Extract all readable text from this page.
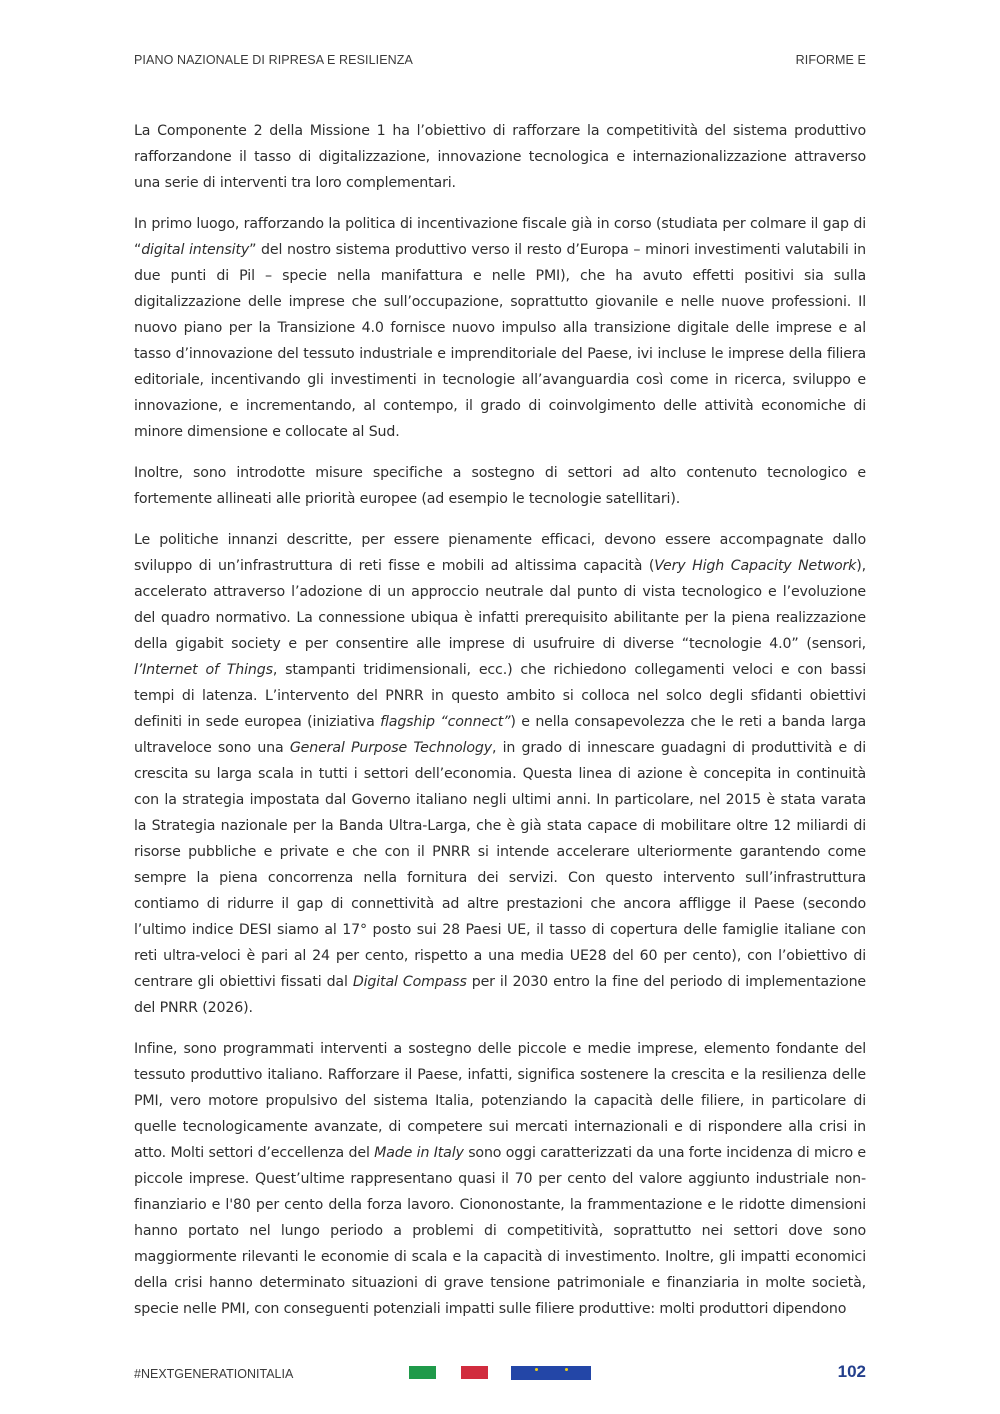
PIANO NAZIONALE DI RIPRESA E RESILIENZA	RIFORME E

La Componente 2 della Missione 1 ha l’obiettivo di rafforzare la competitività del sistema produttivo rafforzandone il tasso di digitalizzazione, innovazione tecnologica e internazionalizzazione attraverso una serie di interventi tra loro complementari.

In primo luogo, rafforzando la politica di incentivazione fiscale già in corso (studiata per colmare il gap di “digital intensity” del nostro sistema produttivo verso il resto d’Europa – minori investimenti valutabili in due punti di Pil – specie nella manifattura e nelle PMI), che ha avuto effetti positivi sia sulla digitalizzazione delle imprese che sull’occupazione, soprattutto giovanile e nelle nuove professioni. Il nuovo piano per la Transizione 4.0 fornisce nuovo impulso alla transizione digitale delle imprese e al tasso d’innovazione del tessuto industriale e imprenditoriale del Paese, ivi incluse le imprese della filiera editoriale, incentivando gli investimenti in tecnologie all’avanguardia così come in ricerca, sviluppo e innovazione, e incrementando, al contempo, il grado di coinvolgimento delle attività economiche di minore dimensione e collocate al Sud.

Inoltre, sono introdotte misure specifiche a sostegno di settori ad alto contenuto tecnologico e fortemente allineati alle priorità europee (ad esempio le tecnologie satellitari).

Le politiche innanzi descritte, per essere pienamente efficaci, devono essere accompagnate dallo sviluppo di un’infrastruttura di reti fisse e mobili ad altissima capacità (Very High Capacity Network), accelerato attraverso l’adozione di un approccio neutrale dal punto di vista tecnologico e l’evoluzione del quadro normativo. La connessione ubiqua è infatti prerequisito abilitante per la piena realizzazione della gigabit society e per consentire alle imprese di usufruire di diverse “tecnologie 4.0” (sensori, l’Internet of Things, stampanti tridimensionali, ecc.) che richiedono collegamenti veloci e con bassi tempi di latenza. L’intervento del PNRR in questo ambito si colloca nel solco degli sfidanti obiettivi definiti in sede europea (iniziativa flagship “connect”) e nella consapevolezza che le reti a banda larga ultraveloce sono una General Purpose Technology, in grado di innescare guadagni di produttività e di crescita su larga scala in tutti i settori dell’economia. Questa linea di azione è concepita in continuità con la strategia impostata dal Governo italiano negli ultimi anni. In particolare, nel 2015 è stata varata la Strategia nazionale per la Banda Ultra-Larga, che è già stata capace di mobilitare oltre 12 miliardi di risorse pubbliche e private e che con il PNRR si intende accelerare ulteriormente garantendo come sempre la piena concorrenza nella fornitura dei servizi. Con questo intervento sull’infrastruttura contiamo di ridurre il gap di connettività ad altre prestazioni che ancora affligge il Paese (secondo l’ultimo indice DESI siamo al 17° posto sui 28 Paesi UE, il tasso di copertura delle famiglie italiane con reti ultra-veloci è pari al 24 per cento, rispetto a una media UE28 del 60 per cento), con l’obiettivo di centrare gli obiettivi fissati dal Digital Compass per il 2030 entro la fine del periodo di implementazione del PNRR (2026).

Infine, sono programmati interventi a sostegno delle piccole e medie imprese, elemento fondante del tessuto produttivo italiano. Rafforzare il Paese, infatti, significa sostenere la crescita e la resilienza delle PMI, vero motore propulsivo del sistema Italia, potenziando la capacità delle filiere, in particolare di quelle tecnologicamente avanzate, di competere sui mercati internazionali e di rispondere alla crisi in atto. Molti settori d’eccellenza del Made in Italy sono oggi caratterizzati da una forte incidenza di micro e piccole imprese. Quest’ultime rappresentano quasi il 70 per cento del valore aggiunto industriale non-finanziario e l'80 per cento della forza lavoro. Ciononostante, la frammentazione e le ridotte dimensioni hanno portato nel lungo periodo a problemi di competitività, soprattutto nei settori dove sono maggiormente rilevanti le economie di scala e la capacità di investimento. Inoltre, gli impatti economici della crisi hanno determinato situazioni di grave tensione patrimoniale e finanziaria in molte società, specie nelle PMI, con conseguenti potenziali impatti sulle filiere produttive: molti produttori dipendono

#NEXTGENERATIONITALIA	102
